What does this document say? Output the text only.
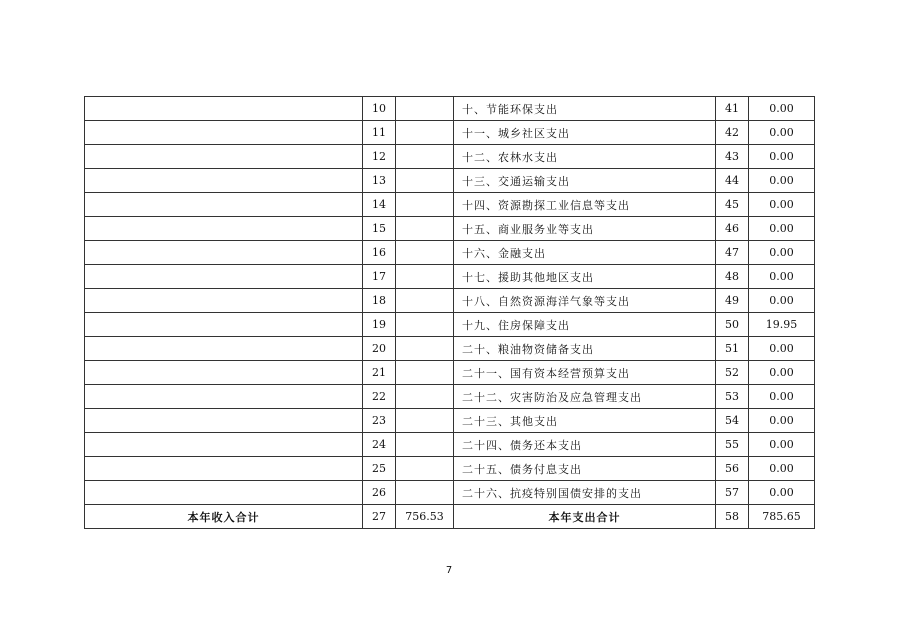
	10		十、节能环保支出	41	0.00
	11		十一、城乡社区支出	42	0.00
	12		十二、农林水支出	43	0.00
	13		十三、交通运输支出	44	0.00
	14		十四、资源勘探工业信息等支出	45	0.00
	15		十五、商业服务业等支出	46	0.00
	16		十六、金融支出	47	0.00
	17		十七、援助其他地区支出	48	0.00
	18		十八、自然资源海洋气象等支出	49	0.00
	19		十九、住房保障支出	50	19.95
	20		二十、粮油物资储备支出	51	0.00
	21		二十一、国有资本经营预算支出	52	0.00
	22		二十二、灾害防治及应急管理支出	53	0.00
	23		二十三、其他支出	54	0.00
	24		二十四、债务还本支出	55	0.00
	25		二十五、债务付息支出	56	0.00
	26		二十六、抗疫特别国债安排的支出	57	0.00
本年收入合计	27	756.53	本年支出合计	58	785.65
7
